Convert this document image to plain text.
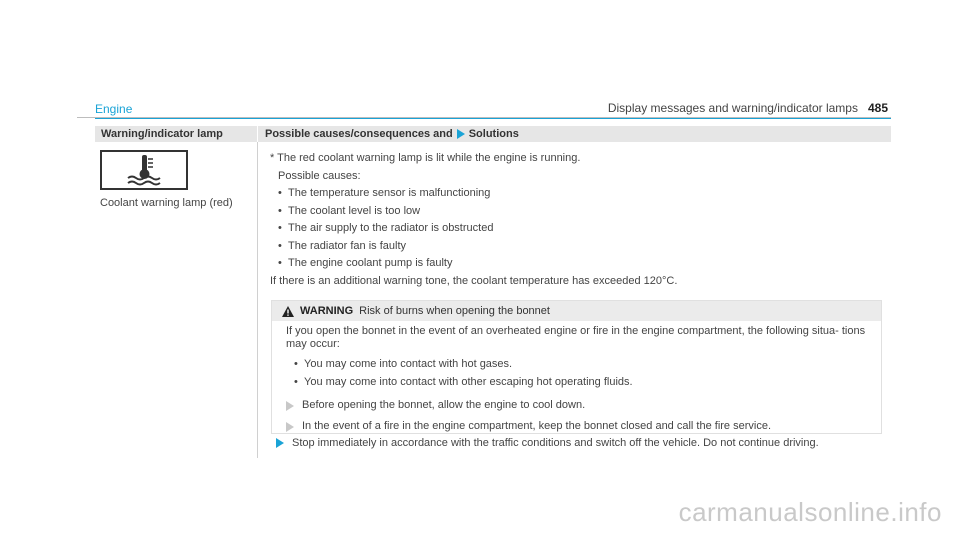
Display messages and warning/indicator lamps 485
Engine
Warning/indicator lamp	Possible causes/consequences and Solutions
Coolant warning lamp (red)

* The red coolant warning lamp is lit while the engine is running.

Possible causes:

• The temperature sensor is malfunctioning
• The coolant level is too low
• The air supply to the radiator is obstructed
• The radiator fan is faulty
• The engine coolant pump is faulty

If there is an additional warning tone, the coolant temperature has exceeded 120°C.

WARNING Risk of burns when opening the bonnet
If you open the bonnet in the event of an overheated engine or fire in the engine compartment, the following situa- tions may occur:
• You may come into contact with hot gases.
• You may come into contact with other escaping hot operating fluids.
Before opening the bonnet, allow the engine to cool down.
In the event of a fire in the engine compartment, keep the bonnet closed and call the fire service.
Stop immediately in accordance with the traffic conditions and switch off the vehicle. Do not continue driving.
carmanualsonline.info
